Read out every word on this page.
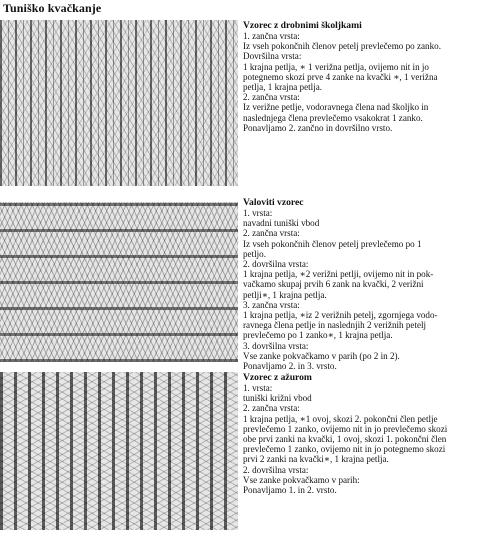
Tuniško kvačkanje
Vzorec z drobnimi školjkami

1. zančna vrsta:

Iz vseh pokončnih členov petelj prevlečemo po zanko.

Dovršilna vrsta:

1 krajna petlja, ∗ 1 verižna petlja, ovijemo nit in jo

potegnemo skozi prve 4 zanke na kvački ∗, 1 verižna

petlja, 1 krajna petlja.

2. zančna vrsta:

Iz verižne petlje, vodoravnega člena nad školjko in

naslednjega člena prevlečemo vsakokrat 1 zanko.

Ponavljamo 2. zančno in dovršilno vrsto.

Valoviti vzorec

1. vrsta:

navadni tuniški vbod

2. zančna vrsta:

Iz vseh pokončnih členov petelj prevlečemo po 1

petljo.

2. dovršilna vrsta:

1 krajna petlja, ∗2 verižni petlji, ovijemo nit in pok-

vačkamo skupaj prvih 6 zank na kvački, 2 verižni

petlji∗, 1 krajna petlja.

3. zančna vrsta:

1 krajna petlja, ∗iz 2 verižnih petelj, zgornjega vodo-

ravnega člena petlje in naslednjih 2 verižnih petelj

prevlečemo po 1 zanko∗, 1 krajna petlja.

3. dovršilna vrsta:

Vse zanke pokvačkamo v parih (po 2 in 2).

Ponavljamo 2. in 3. vrsto.

Vzorec z ažurom

1. vrsta:

tuniški križni vbod

2. zančna vrsta:

1 krajna petlja, ∗1 ovoj, skozi 2. pokončni člen petlje

prevlečemo 1 zanko, ovijemo nit in jo prevlečemo skozi

obe prvi zanki na kvački, 1 ovoj, skozi 1. pokončni člen

prevlečemo 1 zanko, ovijemo nit in jo potegnemo skozi

prvi 2 zanki na kvački∗, 1 krajna petlja.

2. dovršilna vrsta:

Vse zanke pokvačkamo v parih:

Ponavljamo 1. in 2. vrsto.
